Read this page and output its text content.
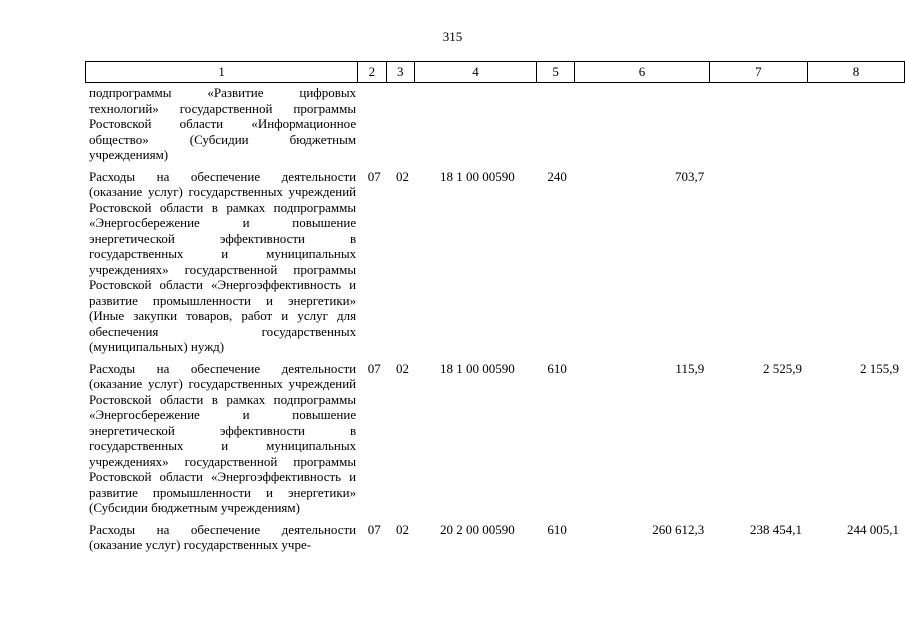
315
1	2	3	4	5	6	7	8
подпрограммы «Развитие цифровых технологий» государственной программы Ростовской области «Информационное общество» (Субсидии бюджетным учреждениям)							
Расходы на обеспечение деятельности (оказание услуг) государственных учреждений Ростовской области в рамках подпрограммы «Энергосбережение и повышение энергетической эффективности в государственных и муниципальных учреждениях» государственной программы Ростовской области «Энергоэффективность и развитие промышленности и энергетики» (Иные закупки товаров, работ и услуг для обеспечения государственных (муниципальных) нужд)	07	02	18 1 00 00590	240	703,7		
Расходы на обеспечение деятельности (оказание услуг) государственных учреждений Ростовской области в рамках подпрограммы «Энергосбережение и повышение энергетической эффективности в государственных и муниципальных учреждениях» государственной программы Ростовской области «Энергоэффективность и развитие промышленности и энергетики» (Субсидии бюджетным учреждениям)	07	02	18 1 00 00590	610	115,9	2 525,9	2 155,9
Расходы на обеспечение деятельности (оказание услуг) государственных учре-	07	02	20 2 00 00590	610	260 612,3	238 454,1	244 005,1
